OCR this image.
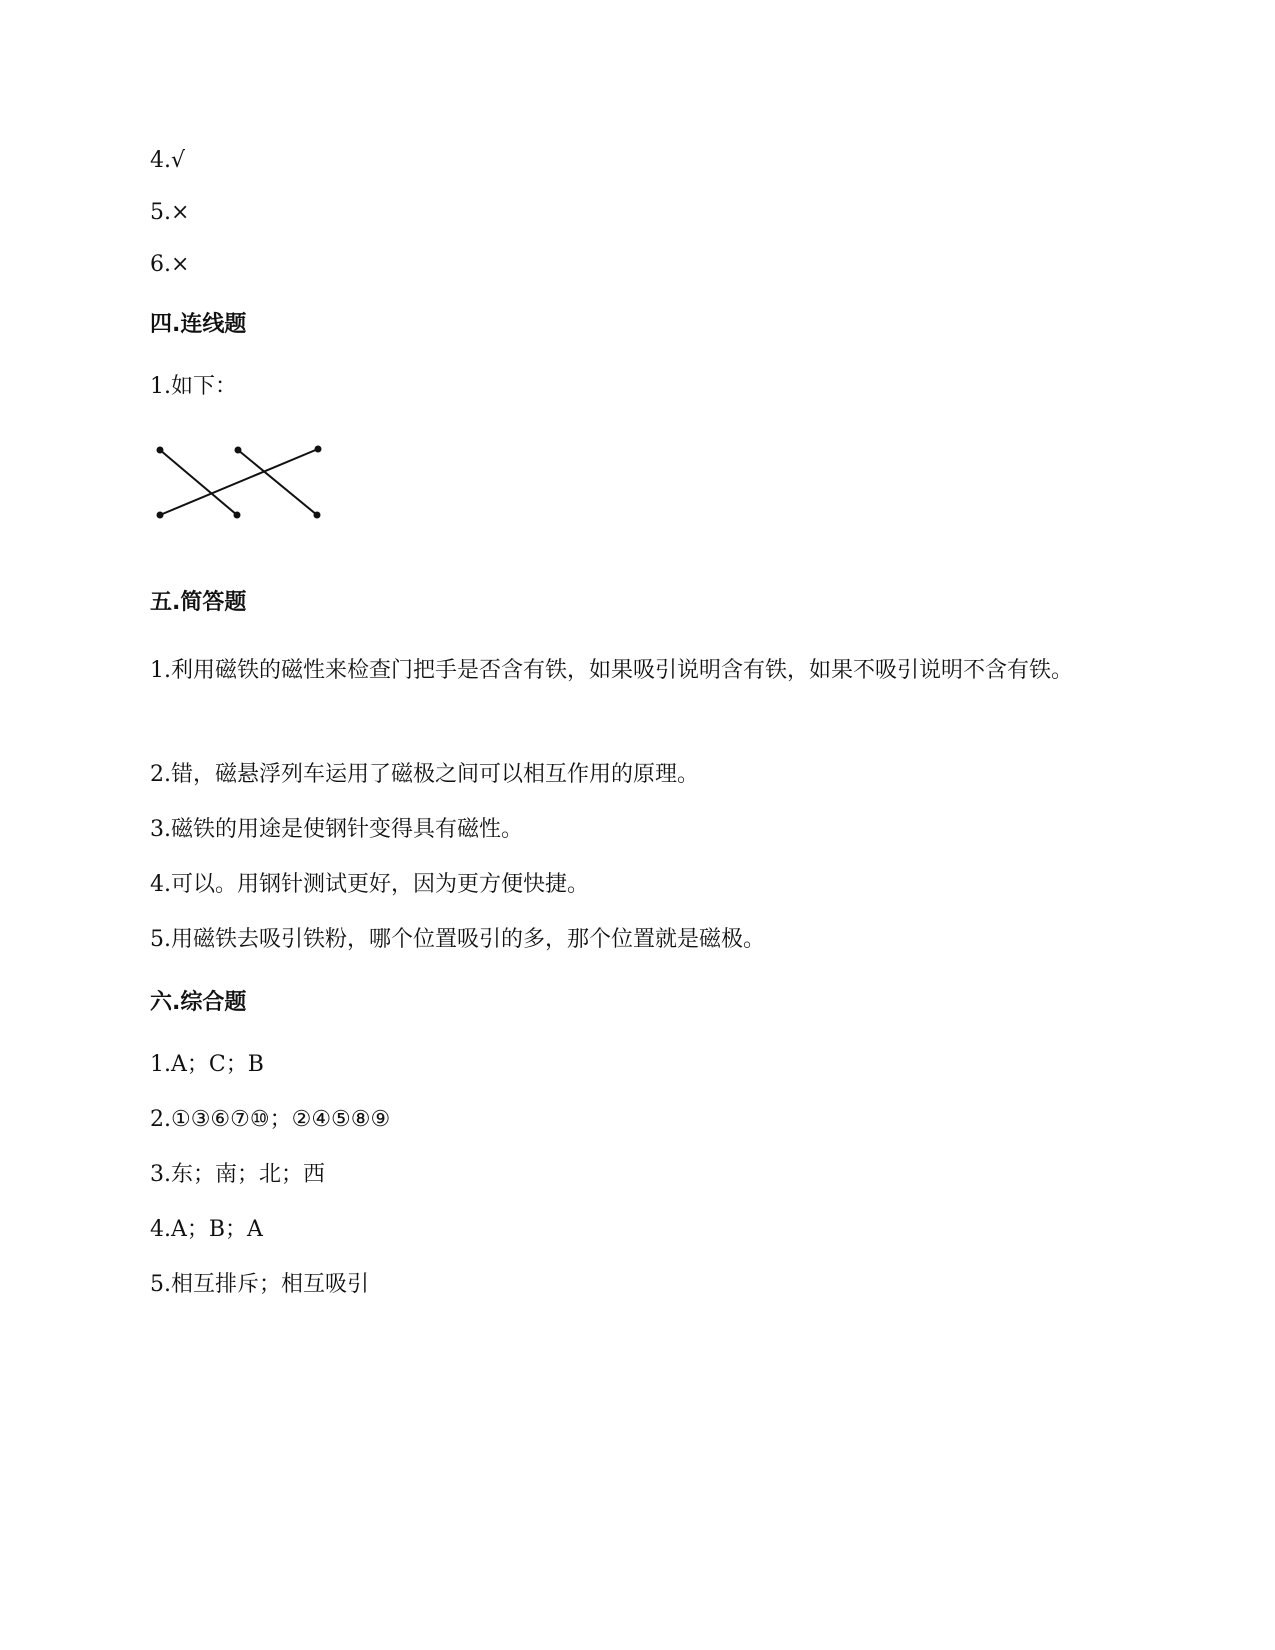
4.√
5.×
6.×
四.连线题
1.如下：
五.简答题
1.利用磁铁的磁性来检查门把手是否含有铁，如果吸引说明含有铁，如果不吸引说明不含有铁。
2.错，磁悬浮列车运用了磁极之间可以相互作用的原理。
3.磁铁的用途是使钢针变得具有磁性。
4.可以。用钢针测试更好，因为更方便快捷。
5.用磁铁去吸引铁粉，哪个位置吸引的多，那个位置就是磁极。
六.综合题
1.A；C；B
2.①③⑥⑦⑩；②④⑤⑧⑨
3.东；南；北；西
4.A；B；A
5.相互排斥；相互吸引
